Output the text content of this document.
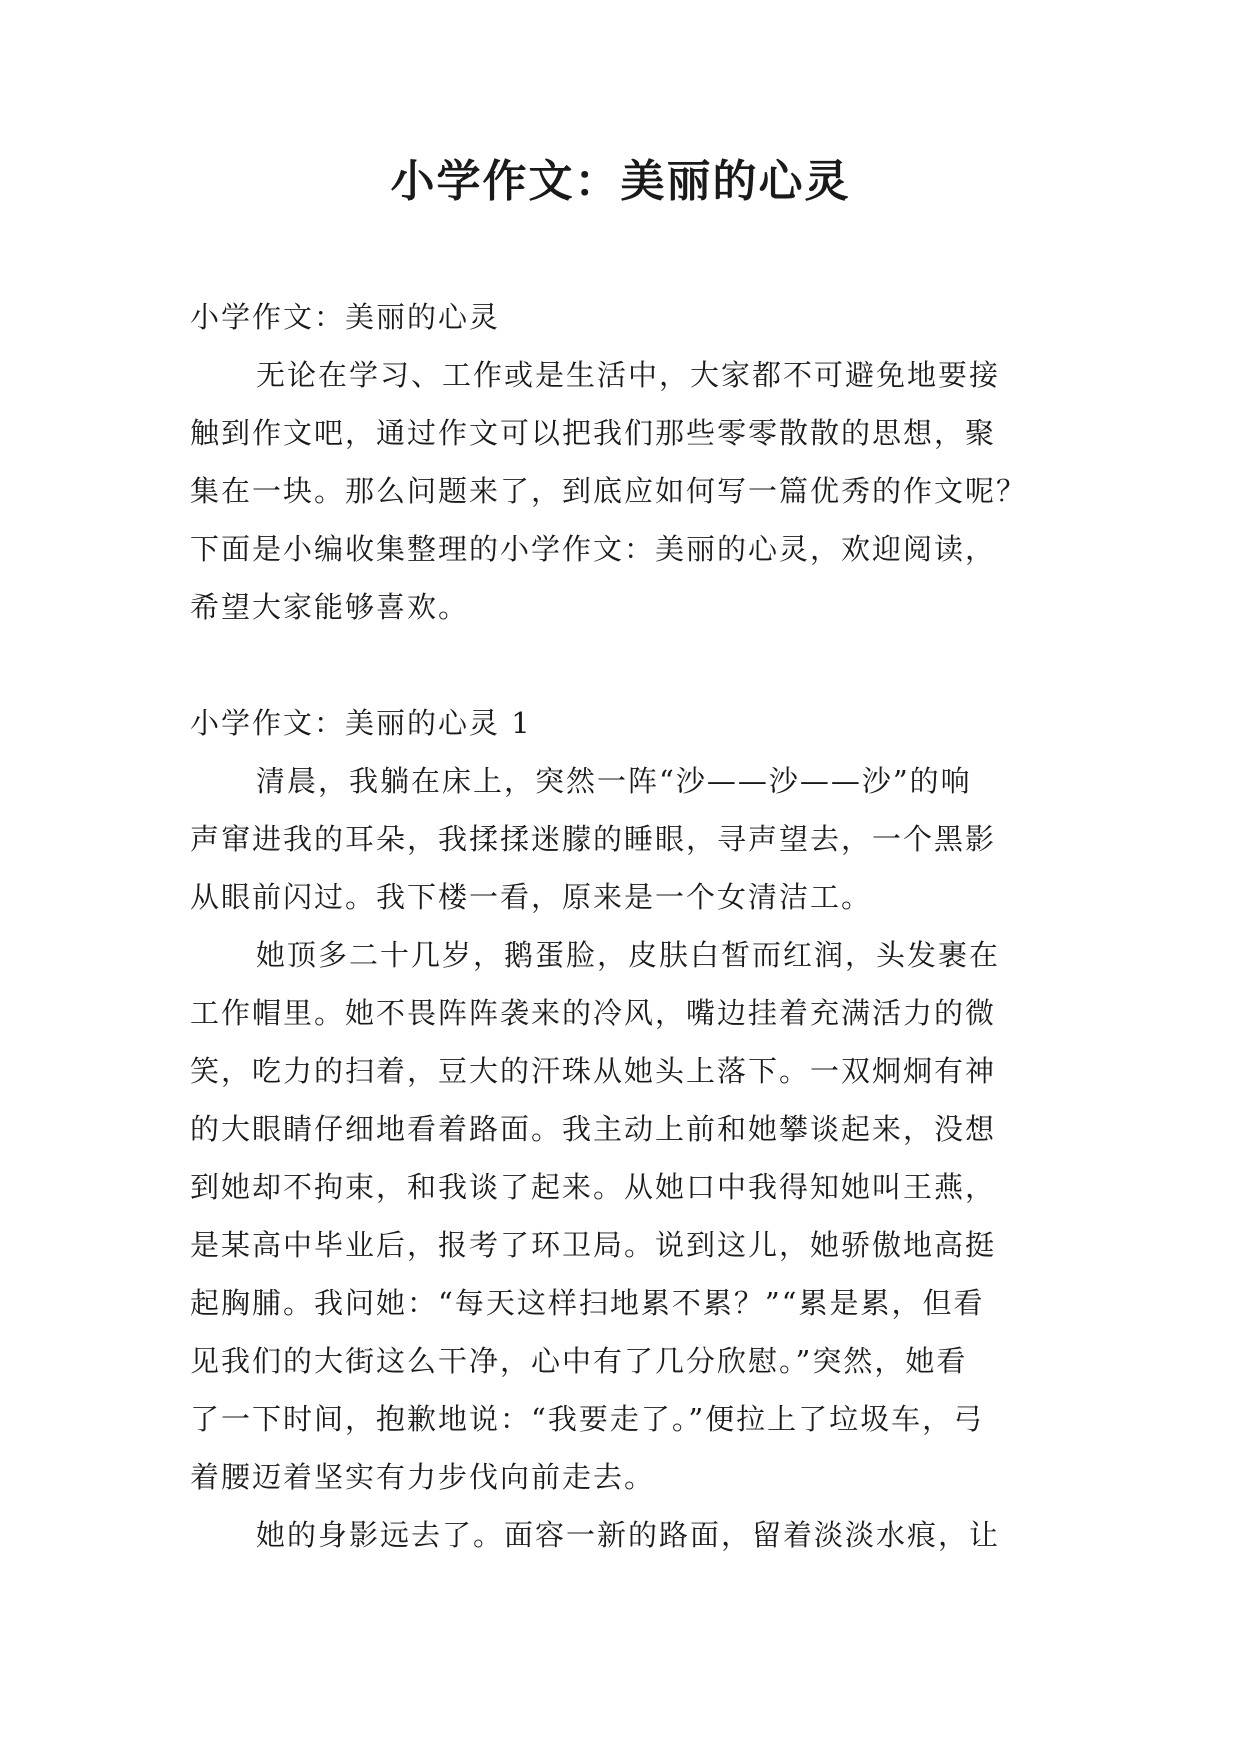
小学作文：美丽的心灵
小学作文：美丽的心灵
无论在学习、工作或是生活中，大家都不可避免地要接
触到作文吧，通过作文可以把我们那些零零散散的思想，聚
集在一块。那么问题来了，到底应如何写一篇优秀的作文呢？
下面是小编收集整理的小学作文：美丽的心灵，欢迎阅读，
希望大家能够喜欢。
小学作文：美丽的心灵 1
清晨，我躺在床上，突然一阵“沙——沙——沙”的响
声窜进我的耳朵，我揉揉迷朦的睡眼，寻声望去，一个黑影
从眼前闪过。我下楼一看，原来是一个女清洁工。
她顶多二十几岁，鹅蛋脸，皮肤白皙而红润，头发裹在
工作帽里。她不畏阵阵袭来的冷风，嘴边挂着充满活力的微
笑，吃力的扫着，豆大的汗珠从她头上落下。一双炯炯有神
的大眼睛仔细地看着路面。我主动上前和她攀谈起来，没想
到她却不拘束，和我谈了起来。从她口中我得知她叫王燕，
是某高中毕业后，报考了环卫局。说到这儿，她骄傲地高挺
起胸脯。我问她：“每天这样扫地累不累？”“累是累，但看
见我们的大街这么干净，心中有了几分欣慰。”突然，她看
了一下时间，抱歉地说：“我要走了。”便拉上了垃圾车，弓
着腰迈着坚实有力步伐向前走去。
她的身影远去了。面容一新的路面，留着淡淡水痕，让
